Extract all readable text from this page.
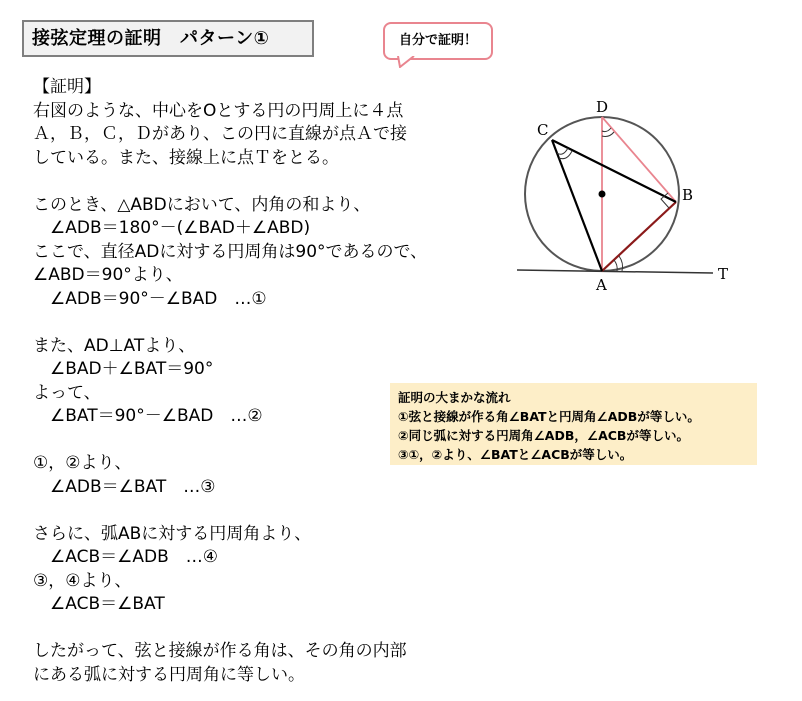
接弦定理の証明　パターン①	自分で証明！
【証明】
右図のような、中心をOとする円の円周上に４点
Ａ，Ｂ，Ｃ，Ｄがあり、この円に直線が点Ａで接
している。また、接線上に点Ｔをとる。
このとき、△ABDにおいて、内角の和より、
　∠ADB＝180°－(∠BAD＋∠ABD)
ここで、直径ADに対する円周角は90°であるので、
∠ABD＝90°より、
　∠ADB＝90°－∠BAD　…①
また、AD⊥ATより、
　∠BAD＋∠BAT＝90°
よって、
　∠BAT＝90°－∠BAD　…②
①，②より、
　∠ADB＝∠BAT　…③
さらに、弧ABに対する円周角より、
　∠ACB＝∠ADB　…④
③，④より、
　∠ACB＝∠BAT
したがって、弦と接線が作る角は、その角の内部
にある弧に対する円周角に等しい。
証明の大まかな流れ
①弦と接線が作る角∠BATと円周角∠ADBが等しい。
②同じ弧に対する円周角∠ADB，∠ACBが等しい。
③①，②より、∠BATと∠ACBが等しい。
D
C
B
A
T
